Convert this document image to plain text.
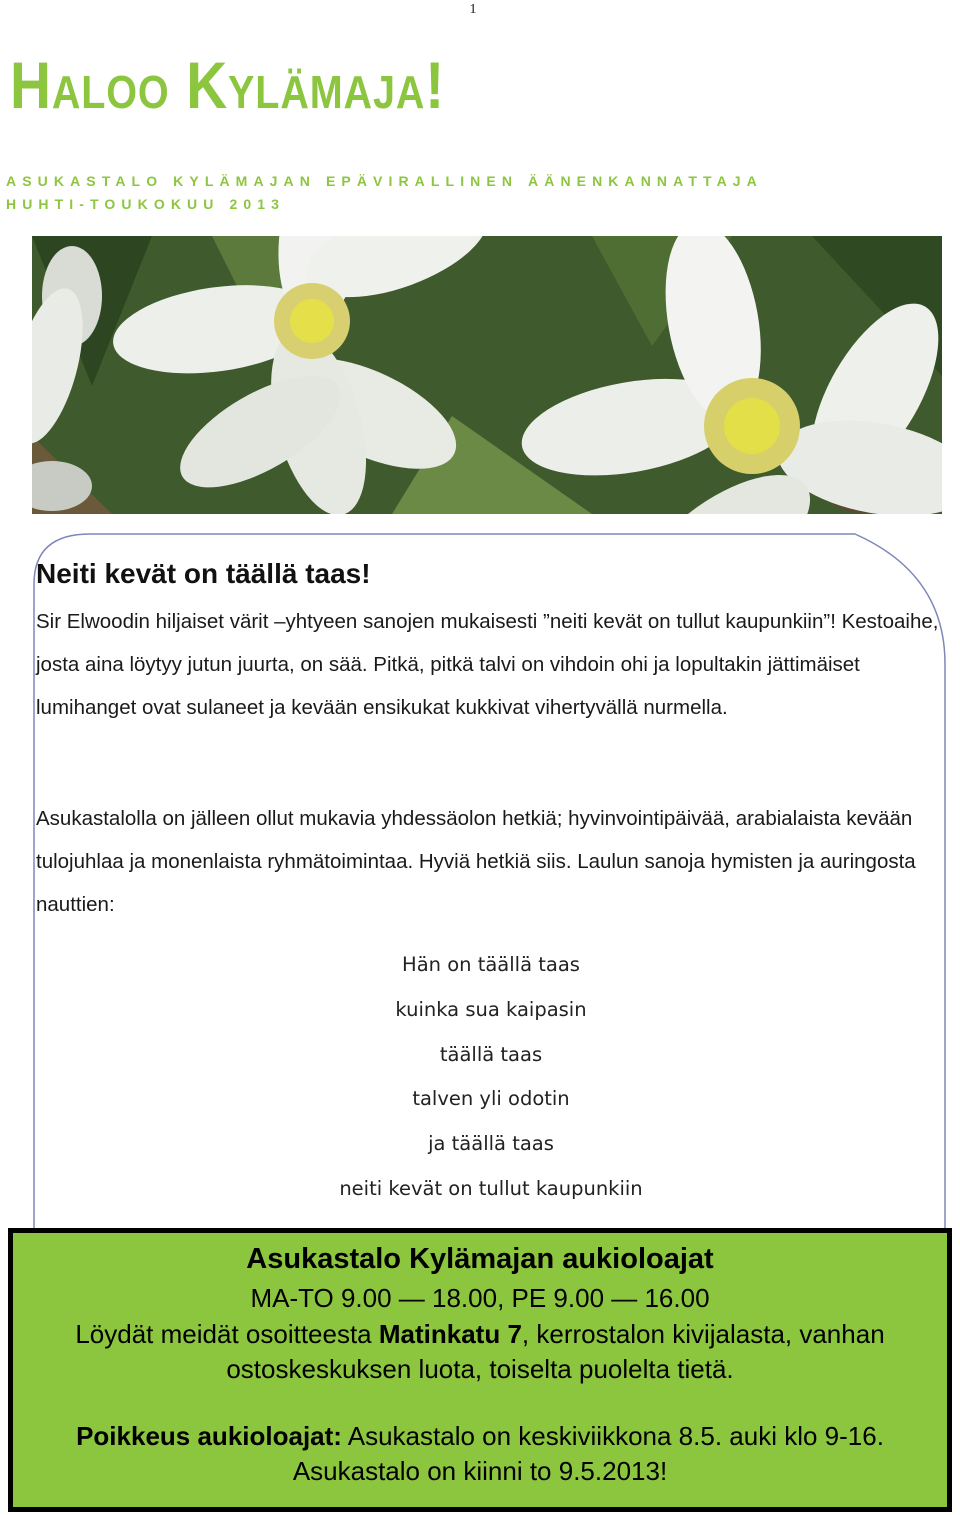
1
Haloo Kylämaja!
ASUKASTALO KYLÄMAJAN EPÄVIRALLINEN ÄÄNENKANNATTAJA
HUHTI-TOUKOKUU 2013
Neiti kevät on täällä taas!

Sir Elwoodin hiljaiset värit –yhtyeen sanojen mukaisesti ”neiti kevät on tullut kaupunkiin”! Kestoaihe, josta aina löytyy jutun juurta, on sää. Pitkä, pitkä talvi on vihdoin ohi ja lopultakin jättimäiset lumihanget ovat sulaneet ja kevään ensikukat kukkivat vihertyvällä nurmella.

Asukastalolla on jälleen ollut mukavia yhdessäolon hetkiä; hyvinvointipäivää, arabialaista kevään tulojuhlaa ja monenlaista ryhmätoimintaa. Hyviä hetkiä siis. Laulun sanoja hymisten ja auringosta nauttien:

Hän on täällä taas
kuinka sua kaipasin
täällä taas
talven yli odotin
ja täällä taas
neiti kevät on tullut kaupunkiin
Asukastalo Kylämajan aukioloajat
MA-TO 9.00 — 18.00, PE 9.00 — 16.00
Löydät meidät osoitteesta Matinkatu 7, kerrostalon kivijalasta, vanhan ostoskeskuksen luota, toiselta puolelta tietä.
Poikkeus aukioloajat: Asukastalo on keskiviikkona 8.5. auki klo 9-16. Asukastalo on kiinni to 9.5.2013!
